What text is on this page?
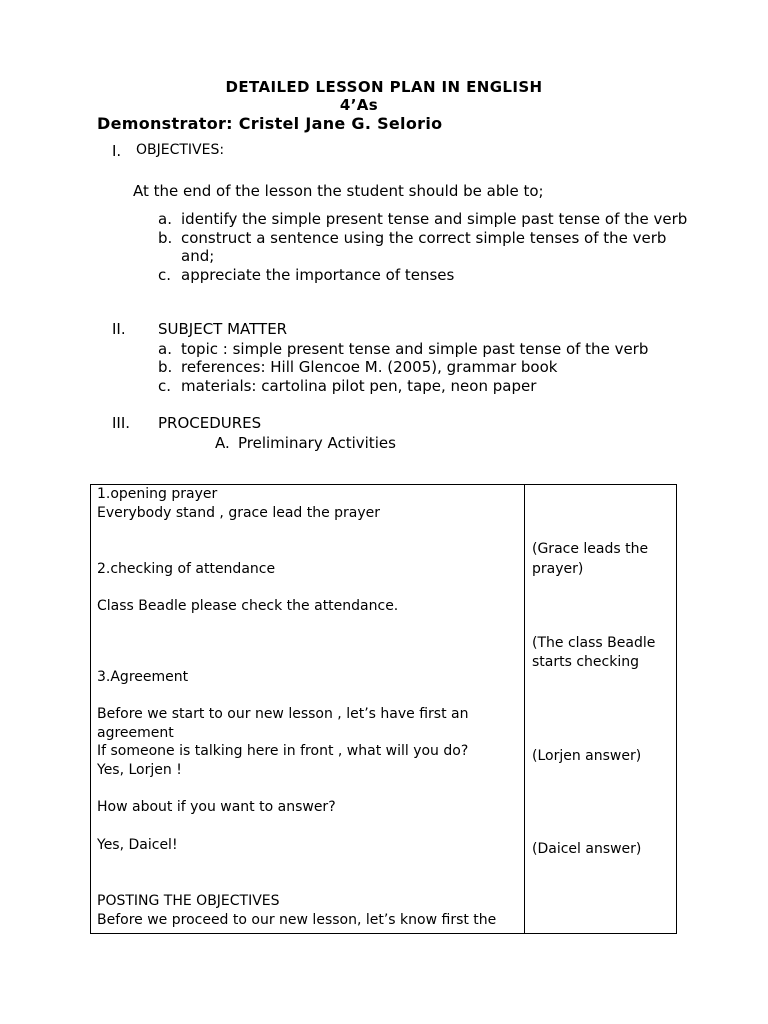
DETAILED LESSON PLAN IN ENGLISH
4’As
Demonstrator: Cristel Jane G. Selorio
I. OBJECTIVES:
At the end of the lesson the student should be able to;
a. identify the simple present tense and simple past tense of the verb
b. construct a sentence using the correct simple tenses of the verb
and;
c. appreciate the importance of tenses
II. SUBJECT MATTER
a. topic : simple present tense and simple past tense of the verb
b. references: Hill Glencoe M. (2005), grammar book
c. materials: cartolina pilot pen, tape, neon paper
III. PROCEDURES
A. Preliminary Activities
1.opening prayer
Everybody stand , grace lead the prayer
2.checking of attendance
Class Beadle please check the attendance.
3.Agreement
Before we start to our new lesson , let’s have first an
agreement
If someone is talking here in front , what will you do?
Yes, Lorjen !
How about if you want to answer?
Yes, Daicel!
POSTING THE OBJECTIVES
Before we proceed to our new lesson, let’s know first the
(Grace leads the
prayer)
(The class Beadle
starts checking
(Lorjen answer)
(Daicel answer)
